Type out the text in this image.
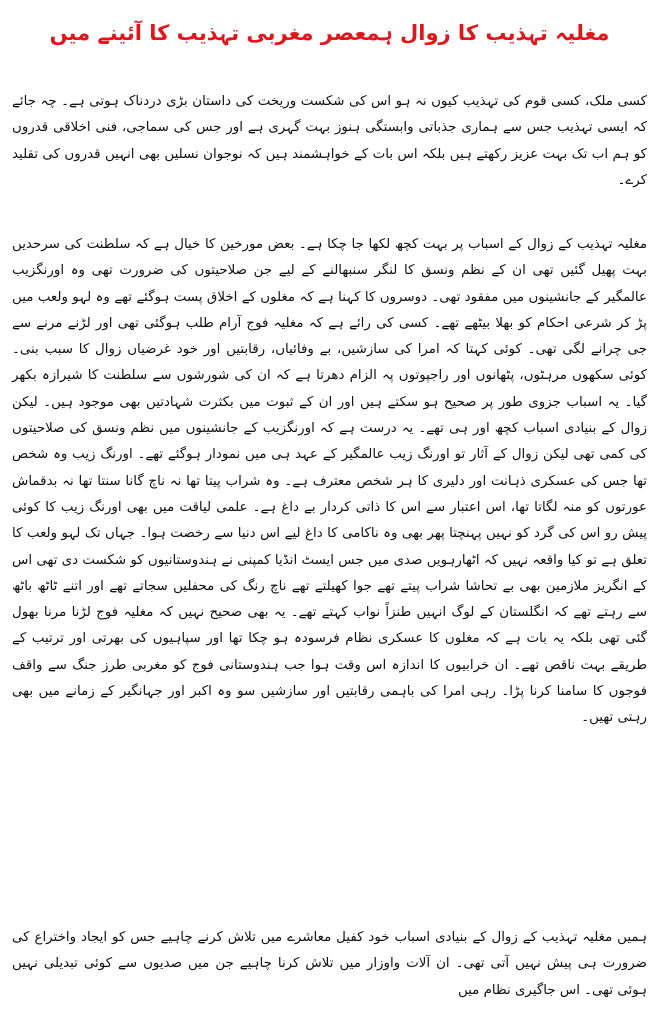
مغلیہ تہذیب کا زوال ہمعصر مغربی تہذیب کا آئینے میں

کسی ملک، کسی قوم کی تہذیب کیوں نہ ہو اس کی شکست وریخت کی داستان بڑی دردناک ہوتی ہے۔ چہ جائے کہ ایسی تہذیب جس سے ہماری جذباتی وابستگی ہنوز بہت گہری ہے اور جس کی سماجی، فنی اخلاقی قدروں کو ہم اب تک بہت عزیز رکھتے ہیں بلکہ اس بات کے خواہشمند ہیں کہ نوجوان نسلیں بھی انہیں قدروں کی تقلید کرے۔

مغلیہ تہذیب کے زوال کے اسباب پر بہت کچھ لکھا جا چکا ہے۔ بعض مورخین کا خیال ہے کہ سلطنت کی سرحدیں بہت پھیل گئیں تھی ان کے نظم ونسق کا لنگر سنبھالنے کے لیے جن صلاحیتوں کی ضرورت تھی وہ اورنگزیب عالمگیر کے جانشینوں میں مفقود تھی۔ دوسروں کا کہنا ہے کہ مغلوں کے اخلاق پست ہوگئے تھے وہ لہو ولعب میں پڑ کر شرعی احکام کو بھلا بیٹھے تھے۔ کسی کی رائے ہے کہ مغلیہ فوج آرام طلب ہوگئی تھی اور لڑنے مرنے سے جی چرانے لگی تھی۔ کوئی کہتا کہ امرا کی سازشیں، بے وفائیاں، رقابتیں اور خود غرضیاں زوال کا سبب بنی۔ کوئی سکھوں مرہٹوں، پٹھانوں اور راجپوتوں پہ الزام دھرتا ہے کہ ان کی شورشوں سے سلطنت کا شیرازہ بکھر گیا۔ یہ اسباب جزوی طور پر صحیح ہو سکتے ہیں اور ان کے ثبوت میں بکثرت شہادتیں بھی موجود ہیں۔ لیکن زوال کے بنیادی اسباب کچھ اور ہی تھے۔ یہ درست ہے کہ اورنگزیب کے جانشینوں میں نظم ونسق کی صلاحیتوں کی کمی تھی لیکن زوال کے آثار تو اورنگ زیب عالمگیر کے عہد ہی میں نمودار ہوگئے تھے۔ اورنگ زیب وہ شخص تھا جس کی عسکری ذہانت اور دلیری کا ہر شخص معترف ہے۔ وہ شراب پیتا تھا نہ ناچ گانا سنتا تھا نہ بدقماش عورتوں کو منہ لگاتا تھا، اس اعتبار سے اس کا ذاتی کردار بے داغ ہے۔ علمی لیاقت میں بھی اورنگ زیب کا کوئی پیش رو اس کی گرد کو نہیں پہنچتا پھر بھی وہ ناکامی کا داغ لیے اس دنیا سے رخصت ہوا۔ جہاں تک لہو ولعب کا تعلق ہے تو کیا واقعہ نہیں کہ اٹھارہویں صدی میں جس ایسٹ انڈیا کمپنی نے ہندوستانیوں کو شکست دی تھی اس کے انگریز ملازمین بھی بے تحاشا شراب پیتے تھے جوا کھیلتے تھے ناچ رنگ کی محفلیں سجاتے تھے اور اتنے ٹاٹھ باٹھ سے رہتے تھے کہ انگلستان کے لوگ انہیں طنزاً نواب کہتے تھے۔ یہ بھی صحیح نہیں کہ مغلیہ فوج لڑنا مرنا بھول گئی تھی بلکہ یہ بات ہے کہ مغلوں کا عسکری نظام فرسودہ ہو چکا تھا اور سپاہیوں کی بھرتی اور ترتیب کے طریقے بہت ناقص تھے۔ ان خرابیوں کا اندازہ اس وقت ہوا جب ہندوستانی فوج کو مغربی طرز جنگ سے واقف فوجوں کا سامنا کرنا پڑا۔ رہی امرا کی باہمی رقابتیں اور سازشیں سو وہ اکبر اور جہانگیر کے زمانے میں بھی رہتی تھیں۔

ہمیں مغلیہ تہذیب کے زوال کے بنیادی اسباب خود کفیل معاشرے میں تلاش کرنے چاہیے جس کو ایجاد واختراع کی ضرورت ہی پیش نہیں آتی تھی۔ ان آلات واوزار میں تلاش کرنا چاہیے جن میں صدیوں سے کوئی تبدیلی نہیں ہوئی تھی۔ اس جاگیری نظام میں
